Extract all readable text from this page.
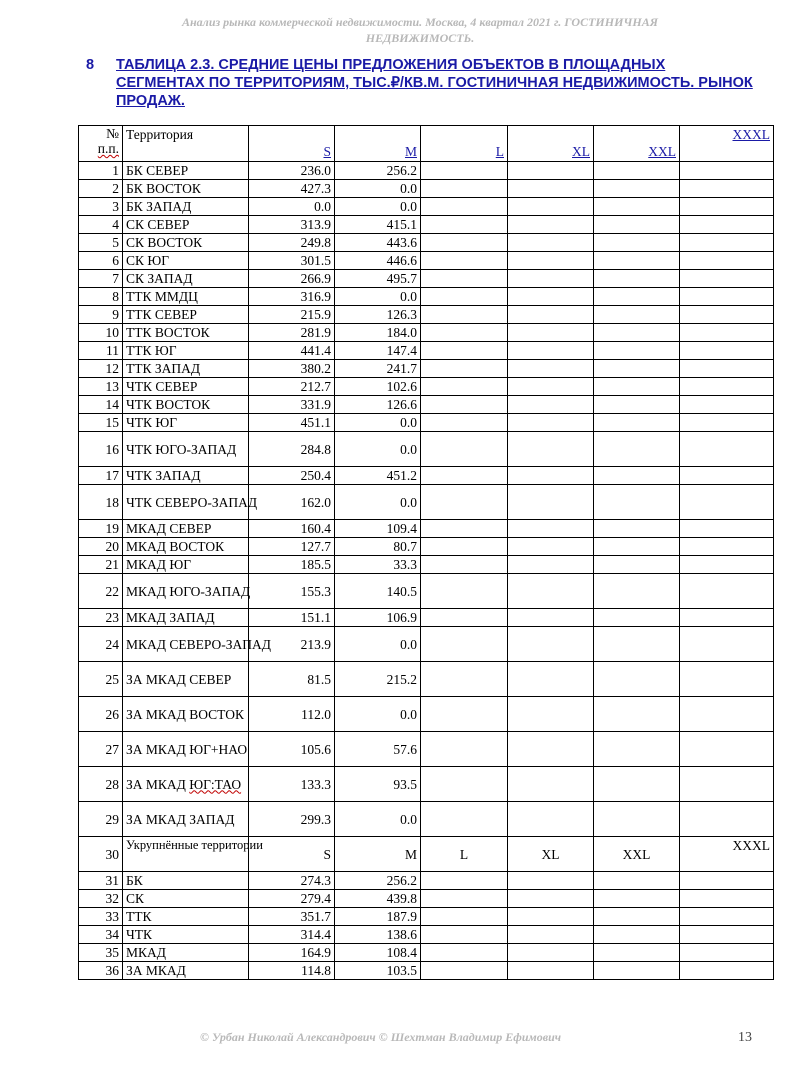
Анализ рынка коммерческой недвижимости. Москва, 4 квартал 2021 г. ГОСТИНИЧНАЯ
НЕДВИЖИМОСТЬ.
8 ТАБЛИЦА 2.3. СРЕДНИЕ ЦЕНЫ ПРЕДЛОЖЕНИЯ ОБЪЕКТОВ В ПЛОЩАДНЫХ СЕГМЕНТАХ ПО ТЕРРИТОРИЯМ, ТЫС.₽/КВ.М. ГОСТИНИЧНАЯ НЕДВИЖИМОСТЬ. РЫНОК ПРОДАЖ.
№
п.п.	Территория	S	M	L	XL	XXL	XXXL
1	БК СЕВЕР	236.0	256.2				
2	БК ВОСТОК	427.3	0.0				
3	БК ЗАПАД	0.0	0.0				
4	СК СЕВЕР	313.9	415.1				
5	СК ВОСТОК	249.8	443.6				
6	СК ЮГ	301.5	446.6				
7	СК ЗАПАД	266.9	495.7				
8	ТТК ММДЦ	316.9	0.0				
9	ТТК СЕВЕР	215.9	126.3				
10	ТТК ВОСТОК	281.9	184.0				
11	ТТК ЮГ	441.4	147.4				
12	ТТК ЗАПАД	380.2	241.7				
13	ЧТК СЕВЕР	212.7	102.6				
14	ЧТК ВОСТОК	331.9	126.6				
15	ЧТК ЮГ	451.1	0.0				
16	ЧТК ЮГО-ЗАПАД	284.8	0.0				
17	ЧТК ЗАПАД	250.4	451.2				
18	ЧТК СЕВЕРО-ЗАПАД	162.0	0.0				
19	МКАД СЕВЕР	160.4	109.4				
20	МКАД ВОСТОК	127.7	80.7				
21	МКАД ЮГ	185.5	33.3				
22	МКАД ЮГО-ЗАПАД	155.3	140.5				
23	МКАД ЗАПАД	151.1	106.9				
24	МКАД СЕВЕРО-ЗАПАД	213.9	0.0				
25	ЗА МКАД СЕВЕР	81.5	215.2				
26	ЗА МКАД ВОСТОК	112.0	0.0				
27	ЗА МКАД ЮГ+НАО	105.6	57.6				
28	ЗА МКАД ЮГ:ТАО	133.3	93.5				
29	ЗА МКАД ЗАПАД	299.3	0.0				
30	Укрупнённые территории	S	M	L	XL	XXL	XXXL
31	БК	274.3	256.2				
32	СК	279.4	439.8				
33	ТТК	351.7	187.9				
34	ЧТК	314.4	138.6				
35	МКАД	164.9	108.4				
36	ЗА МКАД	114.8	103.5				
© Урбан Николай Александрович © Шехтман Владимир Ефимович	13
